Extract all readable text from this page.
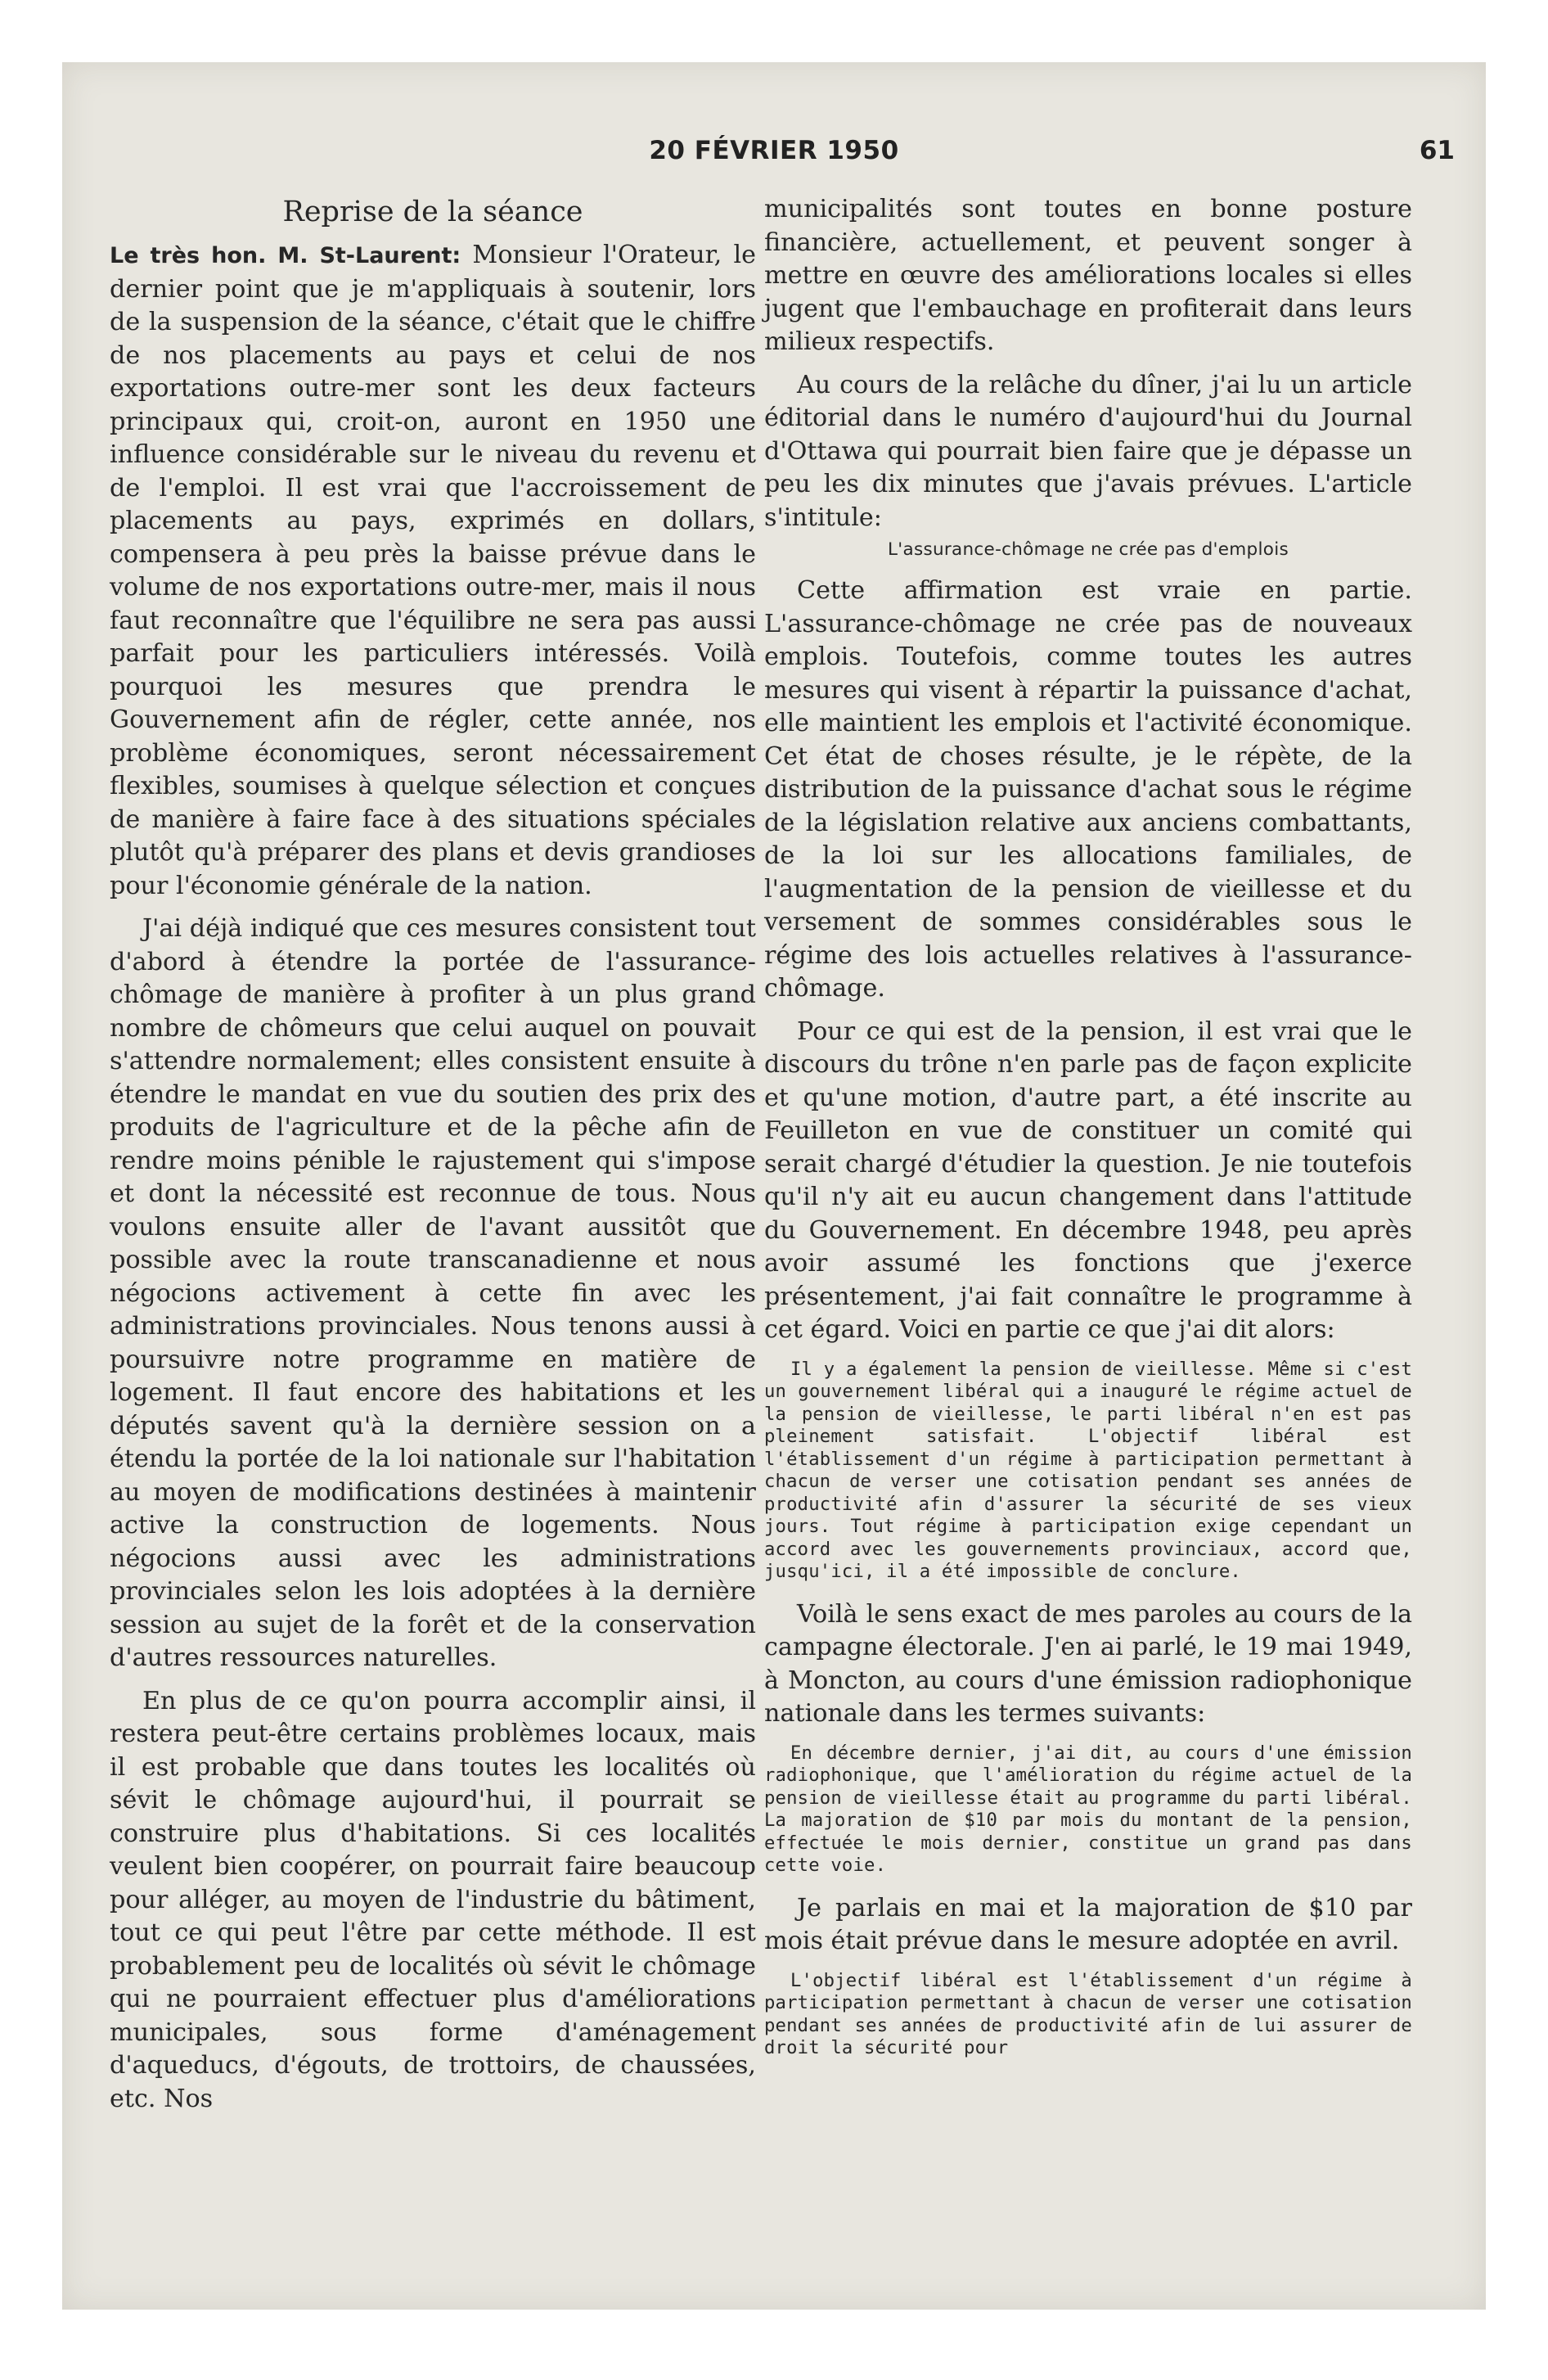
20 FÉVRIER 1950	61
Reprise de la séance

Le très hon. M. St-Laurent: Monsieur l'Orateur, le dernier point que je m'appliquais à soutenir, lors de la suspension de la séance, c'était que le chiffre de nos placements au pays et celui de nos exportations outre-mer sont les deux facteurs principaux qui, croit-on, auront en 1950 une influence considérable sur le niveau du revenu et de l'emploi. Il est vrai que l'accroissement de placements au pays, exprimés en dollars, compensera à peu près la baisse prévue dans le volume de nos exportations outre-mer, mais il nous faut reconnaître que l'équilibre ne sera pas aussi parfait pour les particuliers intéressés. Voilà pourquoi les mesures que prendra le Gouvernement afin de régler, cette année, nos problème économiques, seront nécessairement flexibles, soumises à quelque sélection et conçues de manière à faire face à des situations spéciales plutôt qu'à préparer des plans et devis grandioses pour l'économie générale de la nation.

J'ai déjà indiqué que ces mesures consistent tout d'abord à étendre la portée de l'assurance-chômage de manière à profiter à un plus grand nombre de chômeurs que celui auquel on pouvait s'attendre normalement; elles consistent ensuite à étendre le mandat en vue du soutien des prix des produits de l'agriculture et de la pêche afin de rendre moins pénible le rajustement qui s'impose et dont la nécessité est reconnue de tous. Nous voulons ensuite aller de l'avant aussitôt que possible avec la route transcanadienne et nous négocions activement à cette fin avec les administrations provinciales. Nous tenons aussi à poursuivre notre programme en matière de logement. Il faut encore des habitations et les députés savent qu'à la dernière session on a étendu la portée de la loi nationale sur l'habitation au moyen de modifications destinées à maintenir active la construction de logements. Nous négocions aussi avec les administrations provinciales selon les lois adoptées à la dernière session au sujet de la forêt et de la conservation d'autres ressources naturelles.

En plus de ce qu'on pourra accomplir ainsi, il restera peut-être certains problèmes locaux, mais il est probable que dans toutes les localités où sévit le chômage aujourd'hui, il pourrait se construire plus d'habitations. Si ces localités veulent bien coopérer, on pourrait faire beaucoup pour alléger, au moyen de l'industrie du bâtiment, tout ce qui peut l'être par cette méthode. Il est probablement peu de localités où sévit le chômage qui ne pourraient effectuer plus d'améliorations municipales, sous forme d'aménagement d'aqueducs, d'égouts, de trottoirs, de chaussées, etc. Nos

municipalités sont toutes en bonne posture financière, actuellement, et peuvent songer à mettre en œuvre des améliorations locales si elles jugent que l'embauchage en profiterait dans leurs milieux respectifs.

Au cours de la relâche du dîner, j'ai lu un article éditorial dans le numéro d'aujourd'hui du Journal d'Ottawa qui pourrait bien faire que je dépasse un peu les dix minutes que j'avais prévues. L'article s'intitule:

L'assurance-chômage ne crée pas d'emplois

Cette affirmation est vraie en partie. L'assurance-chômage ne crée pas de nouveaux emplois. Toutefois, comme toutes les autres mesures qui visent à répartir la puissance d'achat, elle maintient les emplois et l'activité économique. Cet état de choses résulte, je le répète, de la distribution de la puissance d'achat sous le régime de la législation relative aux anciens combattants, de la loi sur les allocations familiales, de l'augmentation de la pension de vieillesse et du versement de sommes considérables sous le régime des lois actuelles relatives à l'assurance-chômage.

Pour ce qui est de la pension, il est vrai que le discours du trône n'en parle pas de façon explicite et qu'une motion, d'autre part, a été inscrite au Feuilleton en vue de constituer un comité qui serait chargé d'étudier la question. Je nie toutefois qu'il n'y ait eu aucun changement dans l'attitude du Gouvernement. En décembre 1948, peu après avoir assumé les fonctions que j'exerce présentement, j'ai fait connaître le programme à cet égard. Voici en partie ce que j'ai dit alors:

Il y a également la pension de vieillesse. Même si c'est un gouvernement libéral qui a inauguré le régime actuel de la pension de vieillesse, le parti libéral n'en est pas pleinement satisfait. L'objectif libéral est l'établissement d'un régime à participation permettant à chacun de verser une cotisation pendant ses années de productivité afin d'assurer la sécurité de ses vieux jours. Tout régime à participation exige cependant un accord avec les gouvernements provinciaux, accord que, jusqu'ici, il a été impossible de conclure.

Voilà le sens exact de mes paroles au cours de la campagne électorale. J'en ai parlé, le 19 mai 1949, à Moncton, au cours d'une émission radiophonique nationale dans les termes suivants:

En décembre dernier, j'ai dit, au cours d'une émission radiophonique, que l'amélioration du régime actuel de la pension de vieillesse était au programme du parti libéral. La majoration de $10 par mois du montant de la pension, effectuée le mois dernier, constitue un grand pas dans cette voie.

Je parlais en mai et la majoration de $10 par mois était prévue dans le mesure adoptée en avril.

L'objectif libéral est l'établissement d'un régime à participation permettant à chacun de verser une cotisation pendant ses années de productivité afin de lui assurer de droit la sécurité pour
